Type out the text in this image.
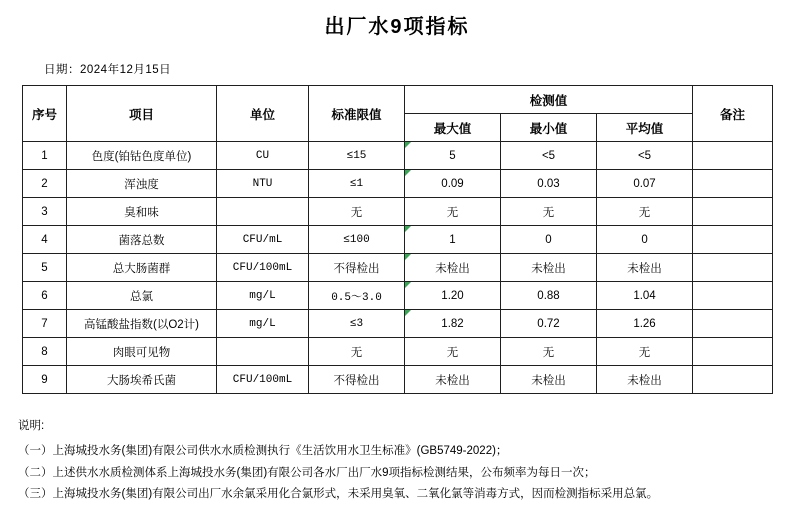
出厂水9项指标
日期：2024年12月15日
序号	项目	单位	标准限值	检测值			备注
				最大值	最小值	平均值	
1	色度(铂钴色度单位)	CU	≤15	5	<5	<5	
2	浑浊度	NTU	≤1	0.09	0.03	0.07	
3	臭和味		无	无	无	无	
4	菌落总数	CFU/mL	≤100	1	0	0	
5	总大肠菌群	CFU/100mL	不得检出	未检出	未检出	未检出	
6	总氯	mg/L	0.5～3.0	1.20	0.88	1.04	
7	高锰酸盐指数(以O2计)	mg/L	≤3	1.82	0.72	1.26	
8	肉眼可见物		无	无	无	无	
9	大肠埃希氏菌	CFU/100mL	不得检出	未检出	未检出	未检出	
说明:
（一）上海城投水务(集团)有限公司供水水质检测执行《生活饮用水卫生标准》(GB5749-2022)；
（二）上述供水水质检测体系上海城投水务(集团)有限公司各水厂出厂水9项指标检测结果，公布频率为每日一次；
（三）上海城投水务(集团)有限公司出厂水余氯采用化合氯形式，未采用臭氧、二氧化氯等消毒方式，因而检测指标采用总氯。
